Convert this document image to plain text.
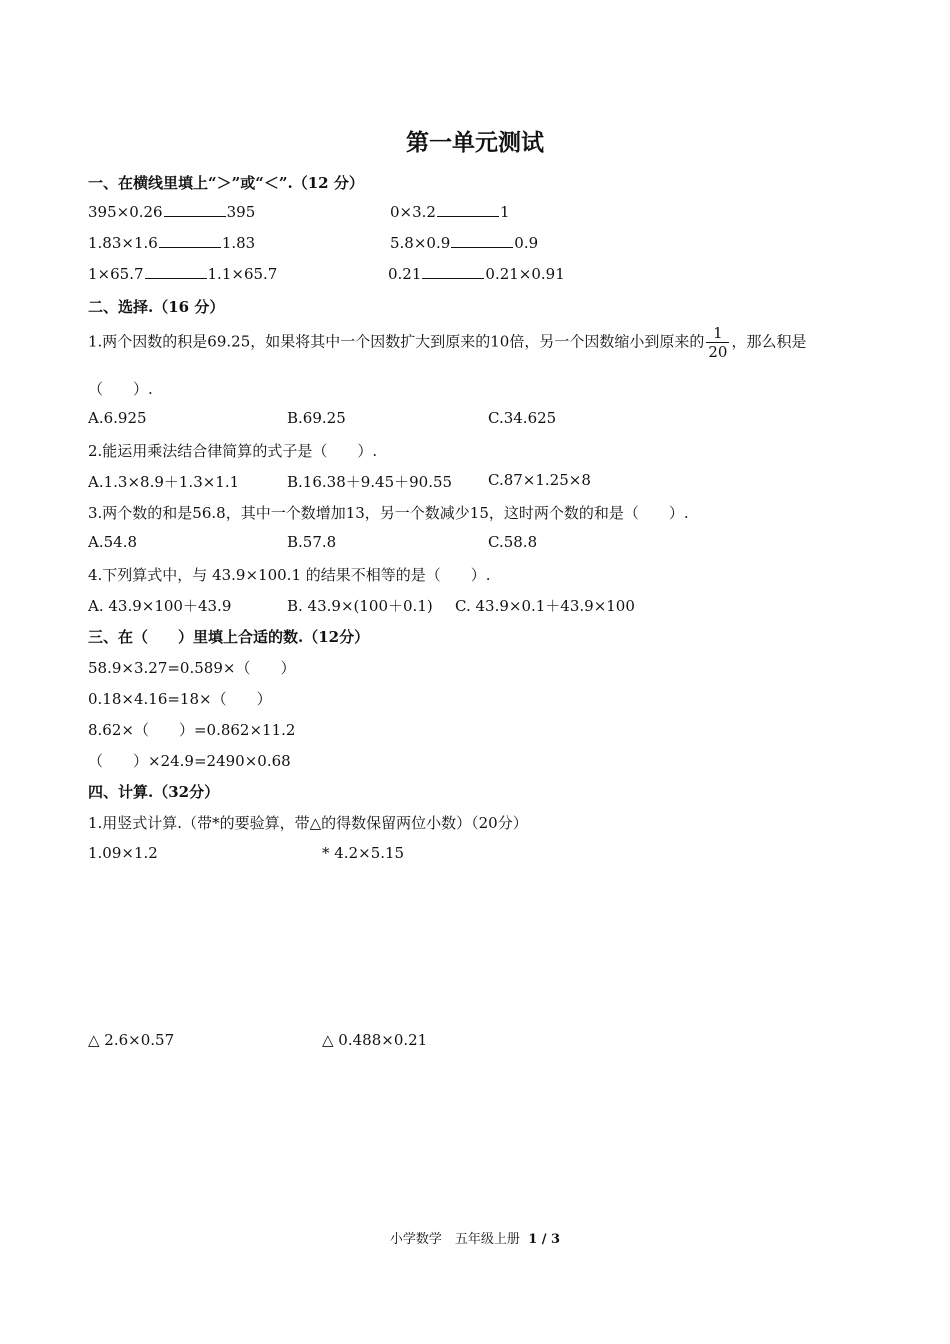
第一单元测试
一、在横线里填上“＞”或“＜”.（12 分）
395×0.26	395	0×3.2	1
1.83×1.6	1.83	5.8×0.9	0.9
1×65.7	1.1×65.7	0.21	0.21×0.91
二、选择.（16 分）
1.两个因数的积是69.25，如果将其中一个因数扩大到原来的10倍，另一个因数缩小到原来的 $\frac{1}{20}$ ，那么积是
（　　）.
A.6.925	B.69.25	C.34.625
2.能运用乘法结合律简算的式子是（　　）.
A.1.3×8.9＋1.3×1.1	B.16.38＋9.45＋90.55 C.87×1.25×8
3.两个数的和是56.8，其中一个数增加13，另一个数减少15，这时两个数的和是（　　）.
A.54.8	B.57.8	C.58.8
4.下列算式中，与 43.9×100.1 的结果不相等的是（　　）.
A. 43.9×100＋43.9	B. 43.9×(100＋0.1) C. 43.9×0.1＋43.9×100
三、在（　　）里填上合适的数.（12分）
58.9×3.27=0.589×（　　）
0.18×4.16=18×（　　）
8.62×（　　）=0.862×11.2
（　　）×24.9=2490×0.68
四、计算.（32分）
1.用竖式计算.（带*的要验算，带△的得数保留两位小数）（20分）
1.09×1.2	* 4.2×5.15
△ 2.6×0.57	△ 0.488×0.21
小学数学　五年级上册 1 / 3
